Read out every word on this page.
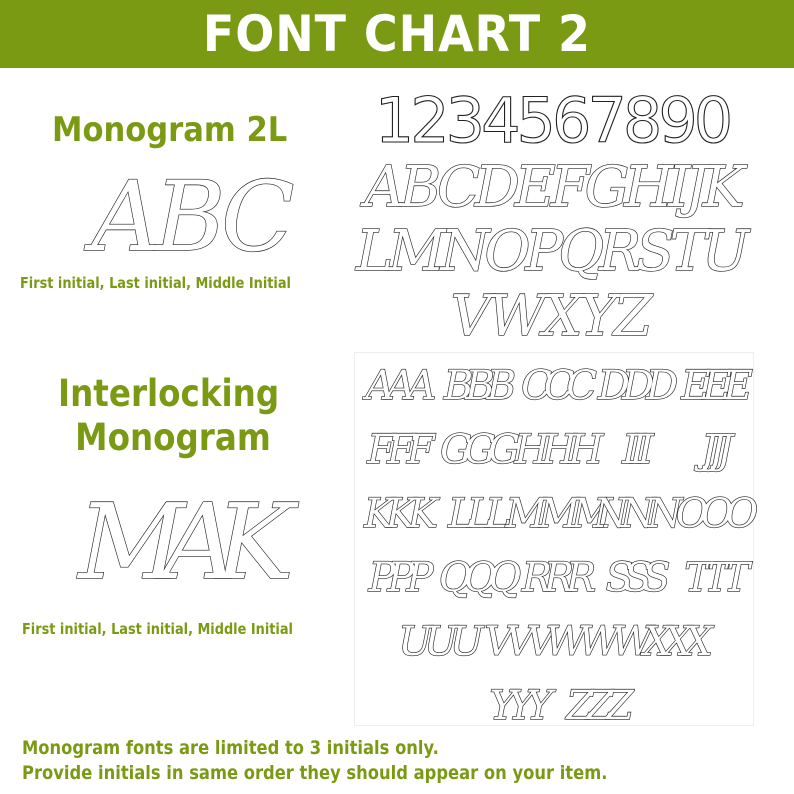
FONT CHART 2
Monogram 2L
ABC
First initial, Last initial, Middle Initial
1234567890
ABCDEFGHIJK
LMNOPQRSTU
VWXYZ
Interlocking
Monogram
MAK
First initial, Last initial, Middle Initial
AAA BBB CCC DDD EEE
FFF GGG HHH III JJJ
KKK LLL MMM
NNN OOO
PPP QQQ RRR SSS TTT
UUU VVV
WWW
XXX
YYY ZZZ
Monogram fonts are limited to 3 initials only.
Provide initials in same order they should appear on your item.
